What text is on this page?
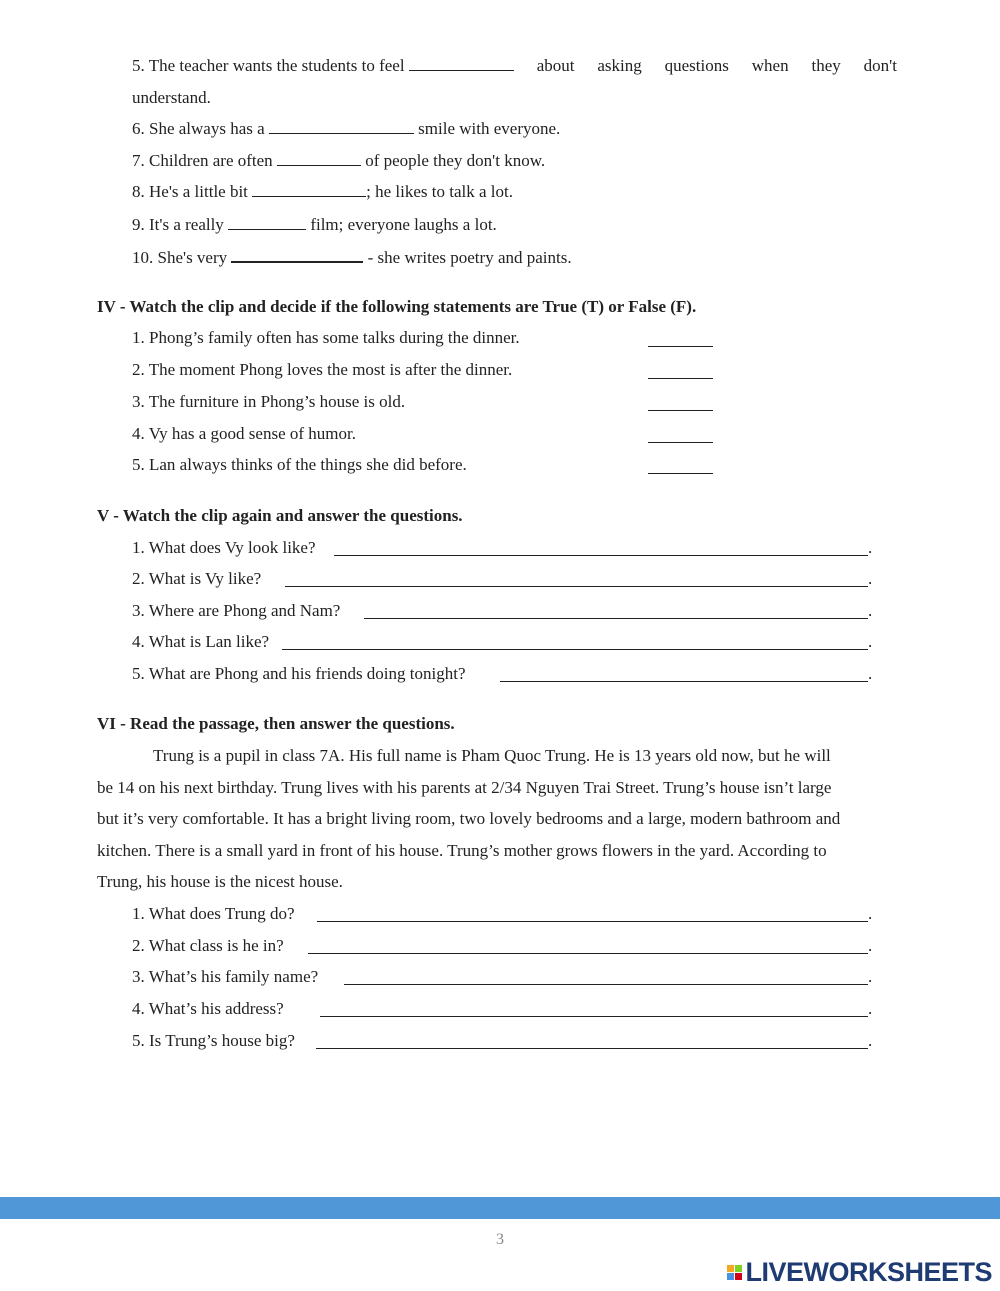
5. The teacher wants the students to feel	about asking questions when they don't
understand.
6. She always has a	smile with everyone.
7. Children are often	of people they don't know.
8. He's a little bit	; he likes to talk a lot.
9. It's a really	film; everyone laughs a lot.
10. She's very	- she writes poetry and paints.
IV - Watch the clip and decide if the following statements are True (T) or False (F).
1. Phong’s family often has some talks during the dinner.
2. The moment Phong loves the most is after the dinner.
3. The furniture in Phong’s house is old.
4. Vy has a good sense of humor.
5. Lan always thinks of the things she did before.
V - Watch the clip again and answer the questions.
1. What does Vy look like?	.
2. What is Vy like?	.
3. Where are Phong and Nam?	.
4. What is Lan like?	.
5. What are Phong and his friends doing tonight?	.
VI - Read the passage, then answer the questions.
Trung is a pupil in class 7A. His full name is Pham Quoc Trung. He is 13 years old now, but he will
be 14 on his next birthday. Trung lives with his parents at 2/34 Nguyen Trai Street. Trung’s house isn’t large
but it’s very comfortable. It has a bright living room, two lovely bedrooms and a large, modern bathroom and
kitchen. There is a small yard in front of his house. Trung’s mother grows flowers in the yard. According to
Trung, his house is the nicest house.
1. What does Trung do?	.
2. What class is he in?	.
3. What’s his family name?	.
4. What’s his address?	.
5. Is Trung’s house big?	.
3
LIVEWORKSHEETS
